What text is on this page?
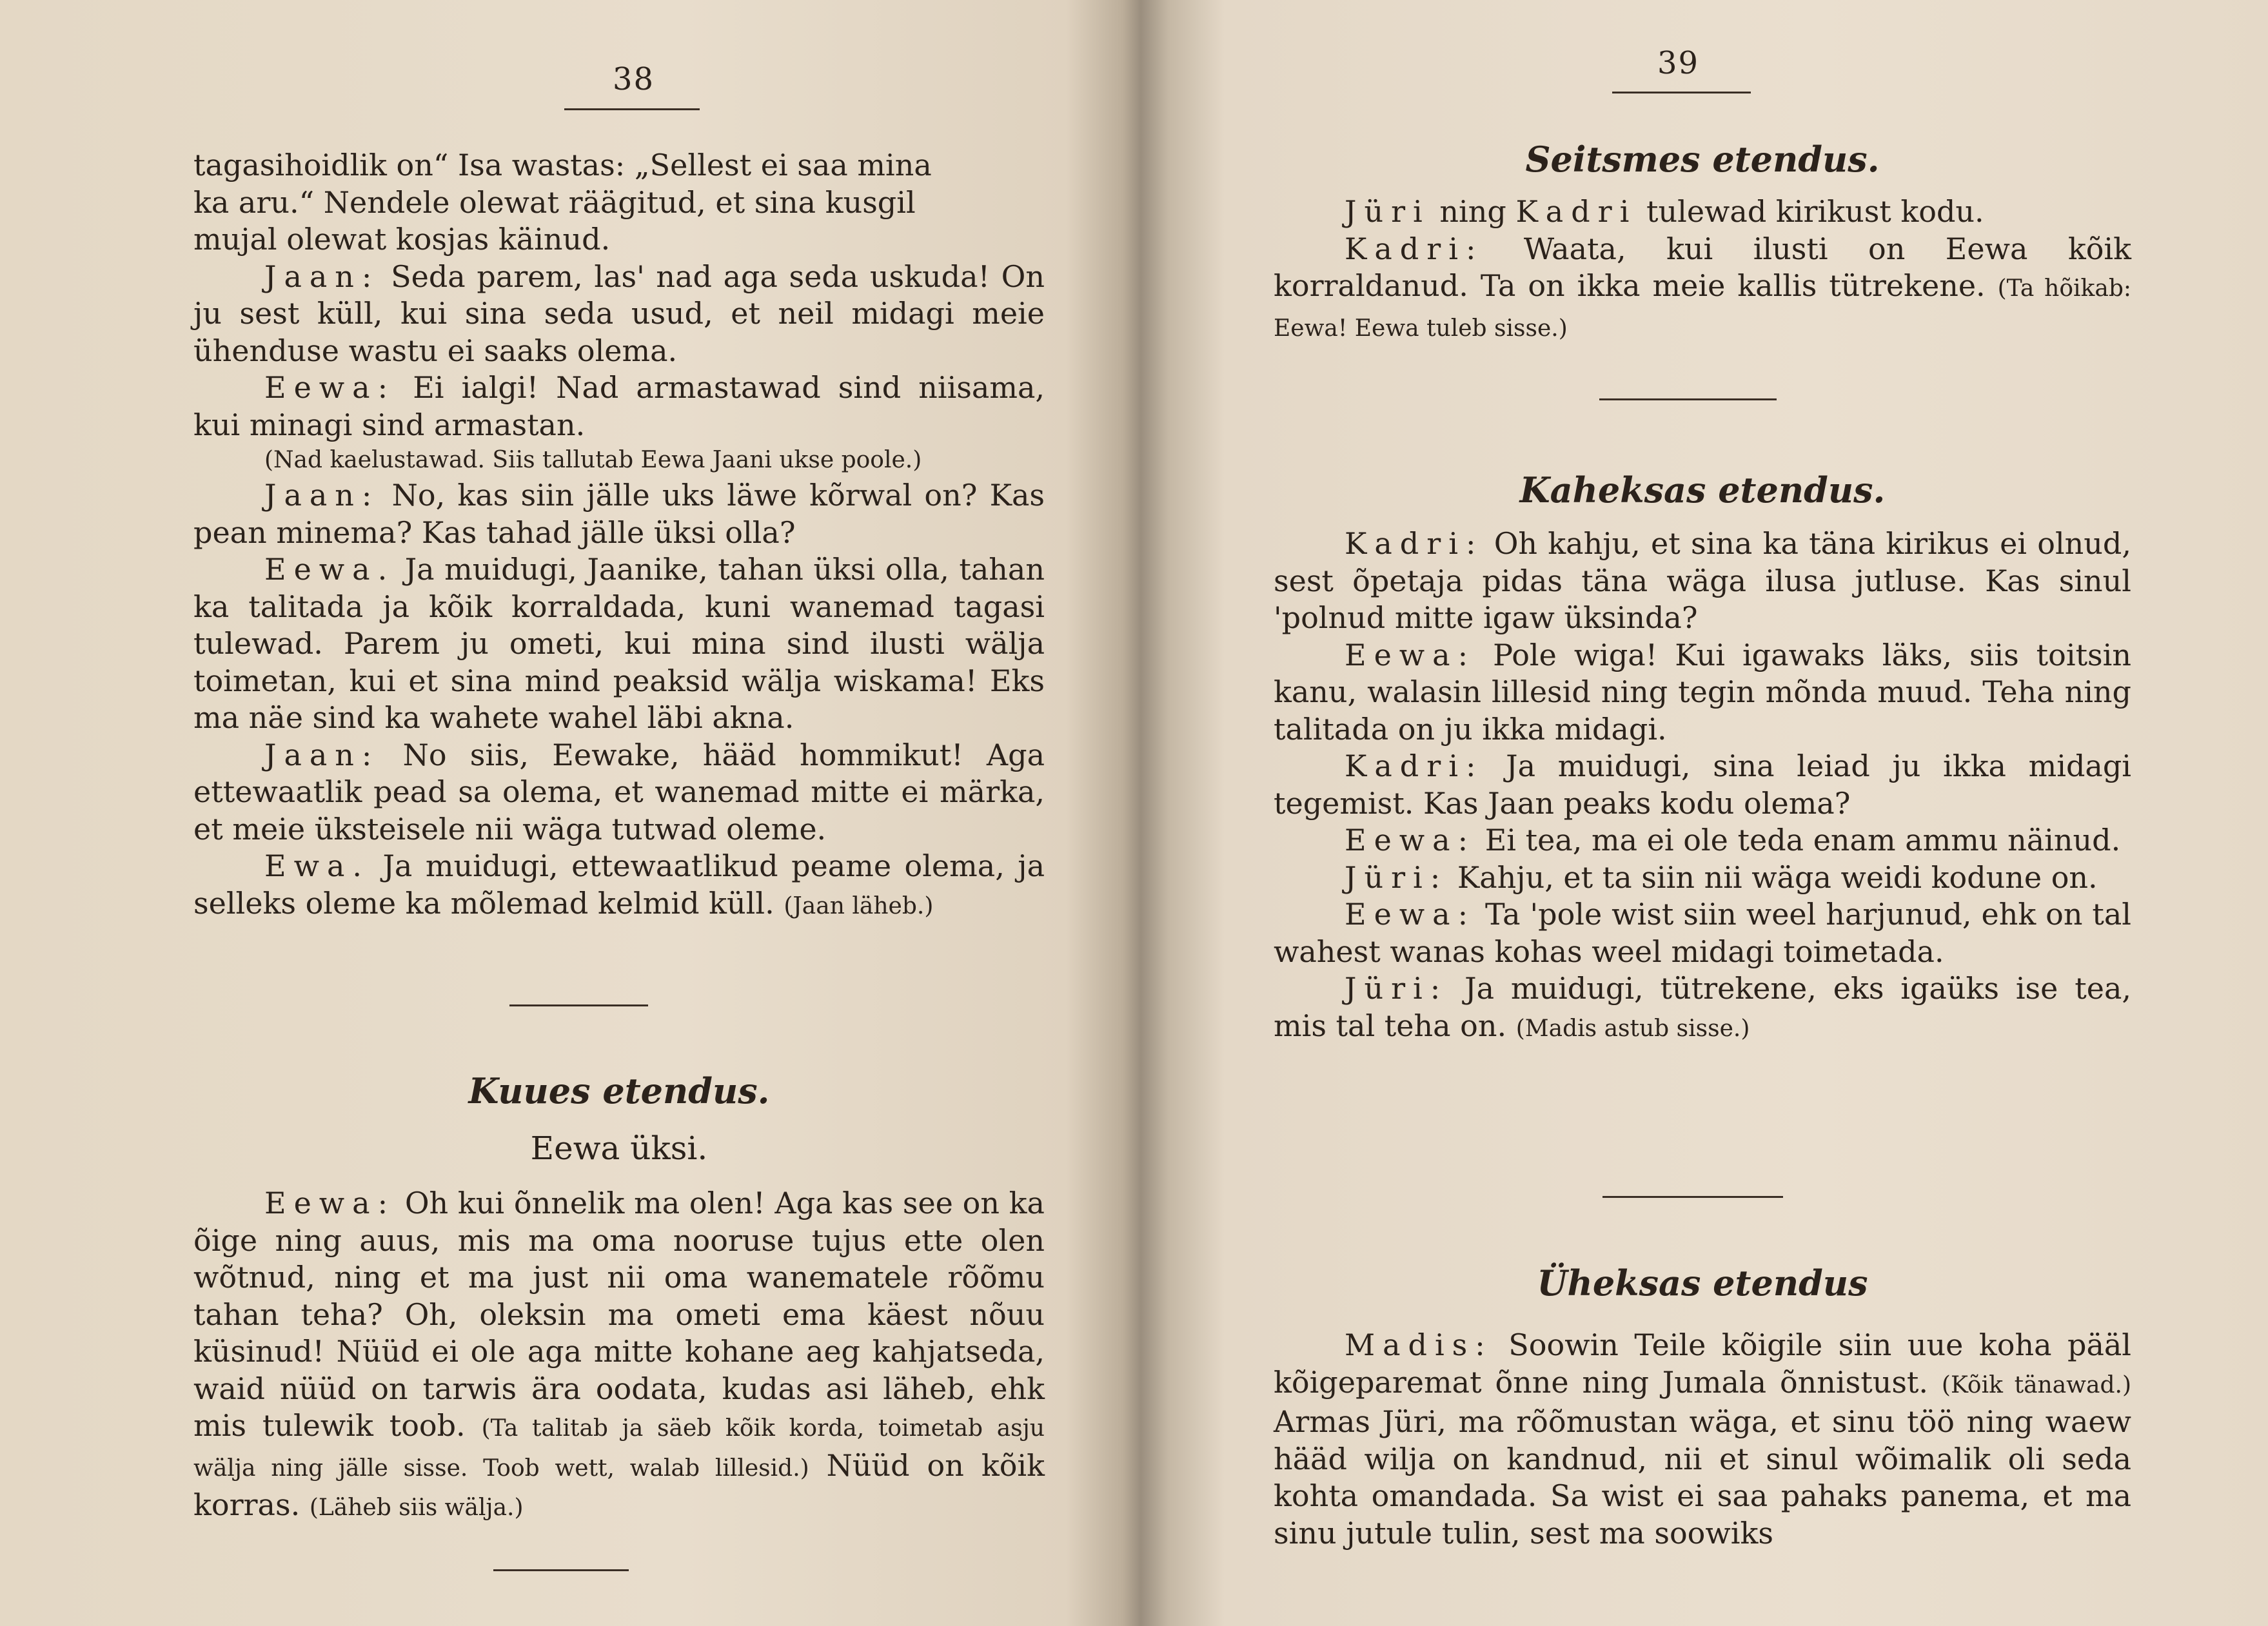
38
tagasihoidlik on“ Isa wastas: „Sellest ei saa mina
ka aru.“ Nendele olewat räägitud, et sina kusgil
mujal olewat kosjas käinud.

Jaan: Seda parem, las' nad aga seda uskuda! On ju sest küll, kui sina seda usud, et neil midagi meie ühenduse wastu ei saaks olema.

Eewa: Ei ialgi! Nad armastawad sind niisama, kui minagi sind armastan.

(Nad kaelustawad. Siis tallutab Eewa Jaani ukse poole.)

Jaan: No, kas siin jälle uks läwe kõrwal on? Kas pean minema? Kas tahad jälle üksi olla?

Eewa. Ja muidugi, Jaanike, tahan üksi olla, tahan ka talitada ja kõik korraldada, kuni wanemad tagasi tulewad. Parem ju ometi, kui mina sind ilusti wälja toimetan, kui et sina mind peaksid wälja wiskama! Eks ma näe sind ka wahete wahel läbi akna.

Jaan: No siis, Eewake, hääd hommikut! Aga ettewaatlik pead sa olema, et wanemad mitte ei märka, et meie üksteisele nii wäga tutwad oleme.

Ewa. Ja muidugi, ettewaatlikud peame olema, ja selleks oleme ka mõlemad kelmid küll. (Jaan läheb.)

Kuues etendus.
Eewa üksi.

Eewa: Oh kui õnnelik ma olen! Aga kas see on ka õige ning auus, mis ma oma nooruse tujus ette olen wõtnud, ning et ma just nii oma wanematele rõõmu tahan teha? Oh, oleksin ma ometi ema käest nõuu küsinud! Nüüd ei ole aga mitte kohane aeg kahjatseda, waid nüüd on tarwis ära oodata, kudas asi läheb, ehk mis tulewik toob. (Ta talitab ja säeb kõik korda, toimetab asju wälja ning jälle sisse. Toob wett, walab lillesid.) Nüüd on kõik korras. (Läheb siis wälja.)

39
Seitsmes etendus.

Jüri ning Kadri tulewad kirikust kodu.

Kadri: Waata, kui ilusti on Eewa kõik korraldanud. Ta on ikka meie kallis tütrekene. (Ta hõikab: Eewa! Eewa tuleb sisse.)

Kaheksas etendus.

Kadri: Oh kahju, et sina ka täna kirikus ei olnud, sest õpetaja pidas täna wäga ilusa jutluse. Kas sinul 'polnud mitte igaw üksinda?

Eewa: Pole wiga! Kui igawaks läks, siis toitsin kanu, walasin lillesid ning tegin mõnda muud. Teha ning talitada on ju ikka midagi.

Kadri: Ja muidugi, sina leiad ju ikka midagi tegemist. Kas Jaan peaks kodu olema?

Eewa: Ei tea, ma ei ole teda enam ammu näinud.

Jüri: Kahju, et ta siin nii wäga weidi kodune on.

Eewa: Ta 'pole wist siin weel harjunud, ehk on tal wahest wanas kohas weel midagi toimetada.

Jüri: Ja muidugi, tütrekene, eks igaüks ise tea, mis tal teha on. (Madis astub sisse.)

Üheksas etendus

Madis: Soowin Teile kõigile siin uue koha pääl kõigeparemat õnne ning Jumala õnnistust. (Kõik tänawad.) Armas Jüri, ma rõõmustan wäga, et sinu töö ning waew hääd wilja on kandnud, nii et sinul wõimalik oli seda kohta omandada. Sa wist ei saa pahaks panema, et ma sinu jutule tulin, sest ma soowiks
